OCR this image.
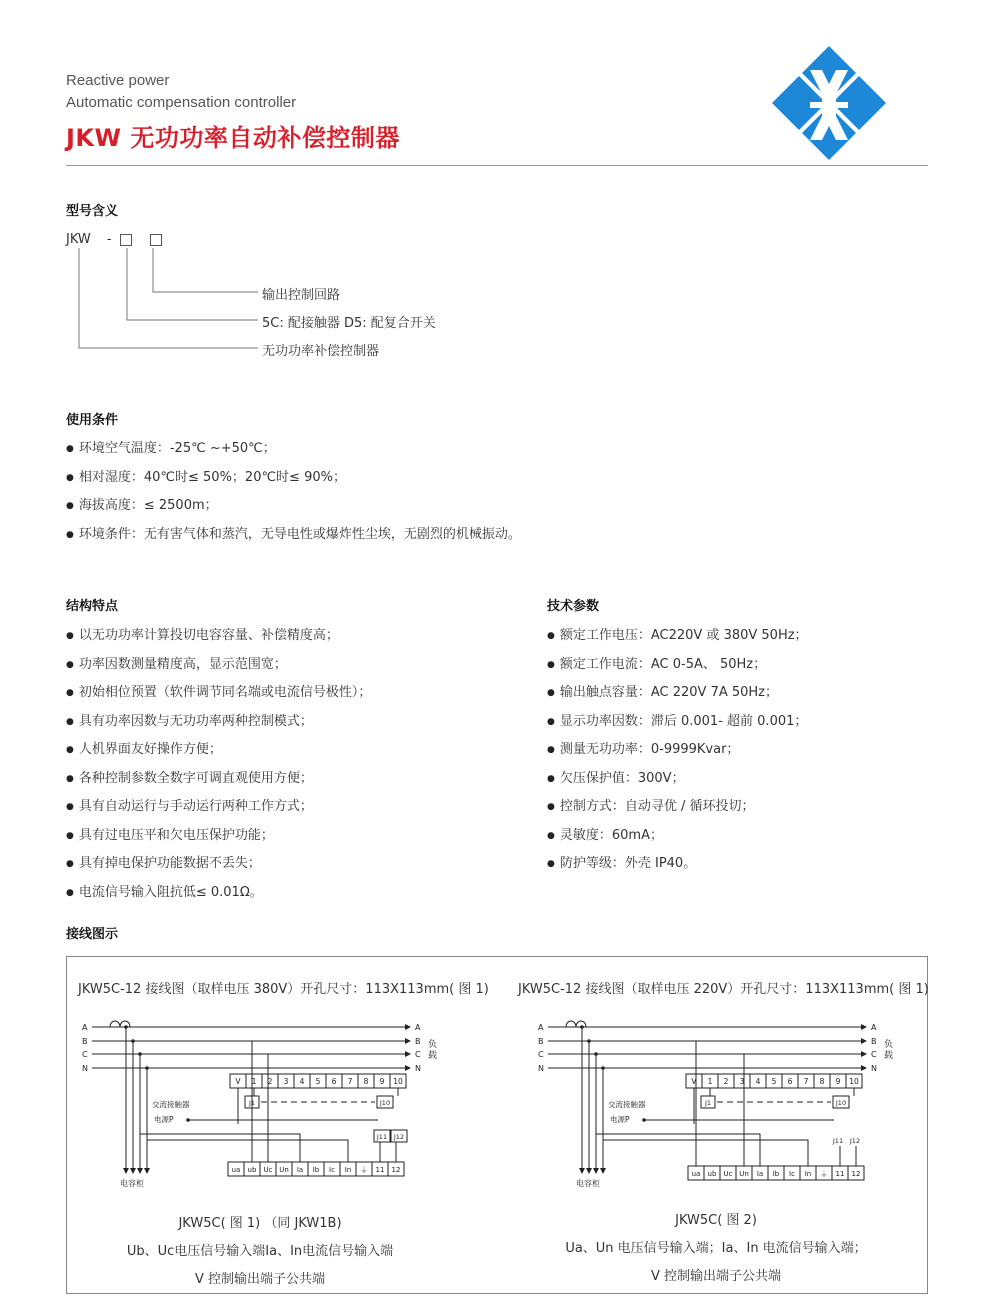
Reactive power
Automatic compensation controller
JKW 无功功率自动补偿控制器
型号含义
JKW -
输出控制回路
5C: 配接触器 D5: 配复合开关
无功功率补偿控制器
使用条件
● 环境空气温度：-25℃ ~+50℃；
● 相对湿度：40℃时≤ 50%；20℃时≤ 90%；
● 海拔高度：≤ 2500m；
● 环境条件：无有害气体和蒸汽，无导电性或爆炸性尘埃，无剧烈的机械振动。
结构特点
● 以无功功率计算投切电容容量、补偿精度高；
● 功率因数测量精度高，显示范围宽；
● 初始相位预置（软件调节同名端或电流信号极性）；
● 具有功率因数与无功功率两种控制模式；
● 人机界面友好操作方便；
● 各种控制参数全数字可调直观使用方便；
● 具有自动运行与手动运行两种工作方式；
● 具有过电压平和欠电压保护功能；
● 具有掉电保护功能数据不丢失；
● 电流信号输入阻抗低≤ 0.01Ω。
技术参数
● 额定工作电压：AC220V 或 380V 50Hz；
● 额定工作电流：AC 0-5A、 50Hz；
● 输出触点容量：AC 220V 7A 50Hz；
● 显示功率因数：滞后 0.001- 超前 0.001；
● 测量无功功率：0-9999Kvar；
● 欠压保护值：300V；
● 控制方式：自动寻优 / 循环投切；
● 灵敏度：60mA；
● 防护等级：外壳 IP40。
接线图示
JKW5C-12 接线图（取样电压 380V）开孔尺寸：113X113mm( 图 1) JKW5C-12 接线图（取样电压 220V）开孔尺寸：113X113mm( 图 1)
A	A
B	B
C	C
N	N
负
载
电容柜
V 1 2 3 4 5 6 7 8 9 10
J1	J10
交流接触器
电源P
J11 J12
ua ub Uc Un Ia Ib Ic In ⏚ 11 12
A	A
B	B
C	C
N	N
负
载
电容柜
V 1 2 3 4 5 6 7 8 9 10
J1	J10
交流接触器
电源P
J11 J12
ua ub Uc Un Ia Ib Ic In ⏚ 11 12
JKW5C( 图 1) （同 JKW1B)
Ub、Uc电压信号输入端Ia、In电流信号输入端
V 控制输出端子公共端
JKW5C( 图 2)
Ua、Un 电压信号输入端；Ia、In 电流信号输入端；
V 控制输出端子公共端
